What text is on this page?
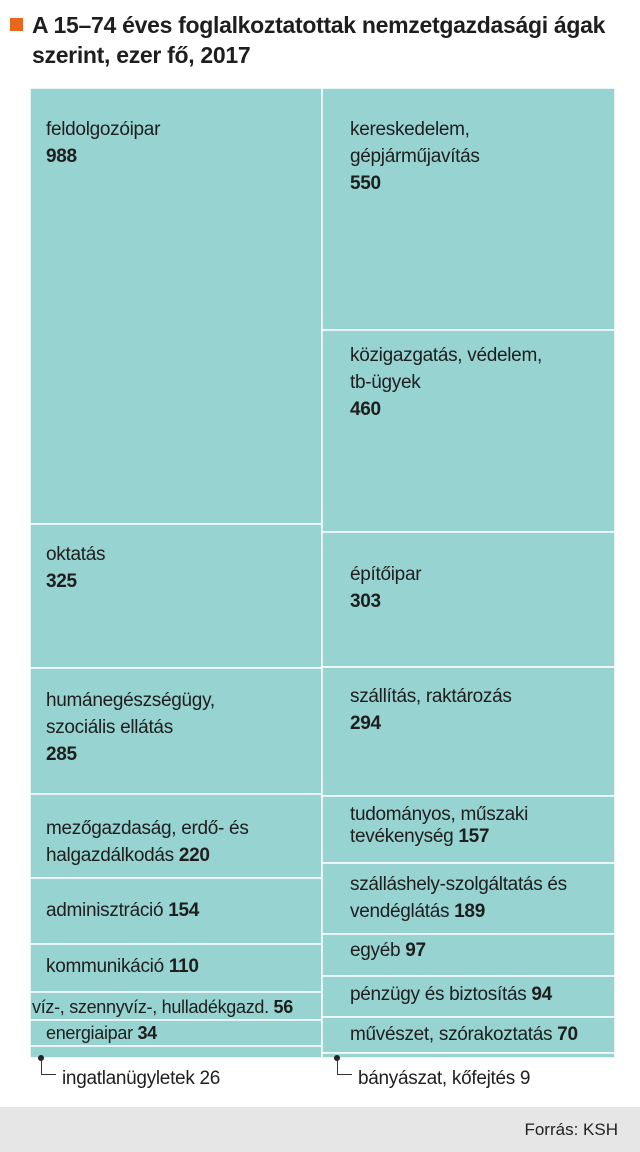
A 15–74 éves foglalkoztatottak nemzetgazdasági ágak szerint, ezer fő, 2017
feldolgozóipar
988
oktatás
325
humánegészségügy,
szociális ellátás
285
mezőgazdaság, erdő- és
halgazdálkodás 220
adminisztráció 154
kommunikáció 110
víz-, szennyvíz-, hulladékgazd. 56
energiaipar 34
kereskedelem,
gépjárműjavítás
550
közigazgatás, védelem,
tb-ügyek
460
építőipar
303
szállítás, raktározás
294
tudományos, műszaki
tevékenység 157
szálláshely-szolgáltatás és
vendéglátás 189
egyéb 97
pénzügy és biztosítás 94
művészet, szórakoztatás 70
ingatlanügyletek 26	bányászat, kőfejtés 9
Forrás: KSH
